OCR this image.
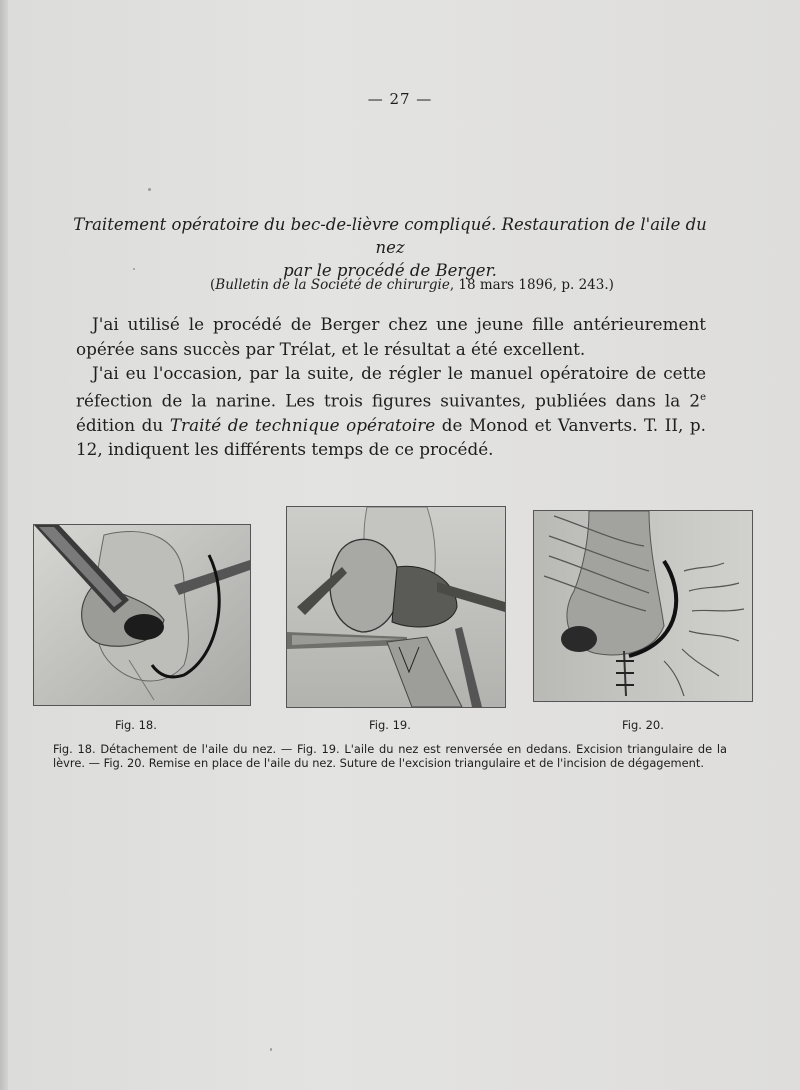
— 27 —
Traitement opératoire du bec-de-lièvre compliqué. Restauration de l'aile du nez
par le procédé de Berger.
(Bulletin de la Société de chirurgie, 18 mars 1896, p. 243.)

J'ai utilisé le procédé de Berger chez une jeune fille antérieurement opérée sans succès par Trélat, et le résultat a été excellent.

J'ai eu l'occasion, par la suite, de régler le manuel opératoire de cette réfection de la narine. Les trois figures suivantes, publiées dans la 2e édition du Traité de technique opératoire de Monod et Vanverts. T. II, p. 12, indiquent les différents temps de ce procédé.

Fig. 18.	Fig. 19.	Fig. 20.
Fig. 18. Détachement de l'aile du nez. — Fig. 19. L'aile du nez est renversée en dedans. Excision triangulaire de la lèvre. — Fig. 20. Remise en place de l'aile du nez. Suture de l'excision triangulaire et de l'incision de dégagement.
